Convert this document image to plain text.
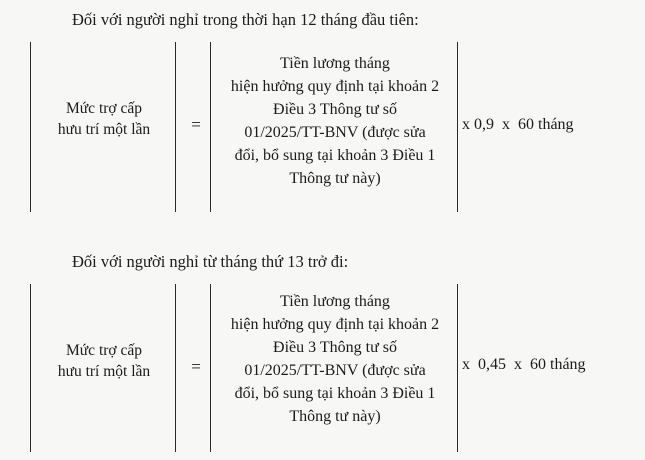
Đối với người nghỉ trong thời hạn 12 tháng đầu tiên:
Mức trợ cấp
hưu trí một lần	=
Tiền lương tháng
hiện hưởng quy định tại khoản 2
Điều 3 Thông tư số
01/2025/TT-BNV (được sửa
đổi, bổ sung tại khoản 3 Điều 1
Thông tư này)
x 0,9  x  60 tháng
Đối với người nghỉ từ tháng thứ 13 trở đi:
Mức trợ cấp
hưu trí một lần	=
Tiền lương tháng
hiện hưởng quy định tại khoản 2
Điều 3 Thông tư số
01/2025/TT-BNV (được sửa
đổi, bổ sung tại khoản 3 Điều 1
Thông tư này)
x  0,45  x  60 tháng
